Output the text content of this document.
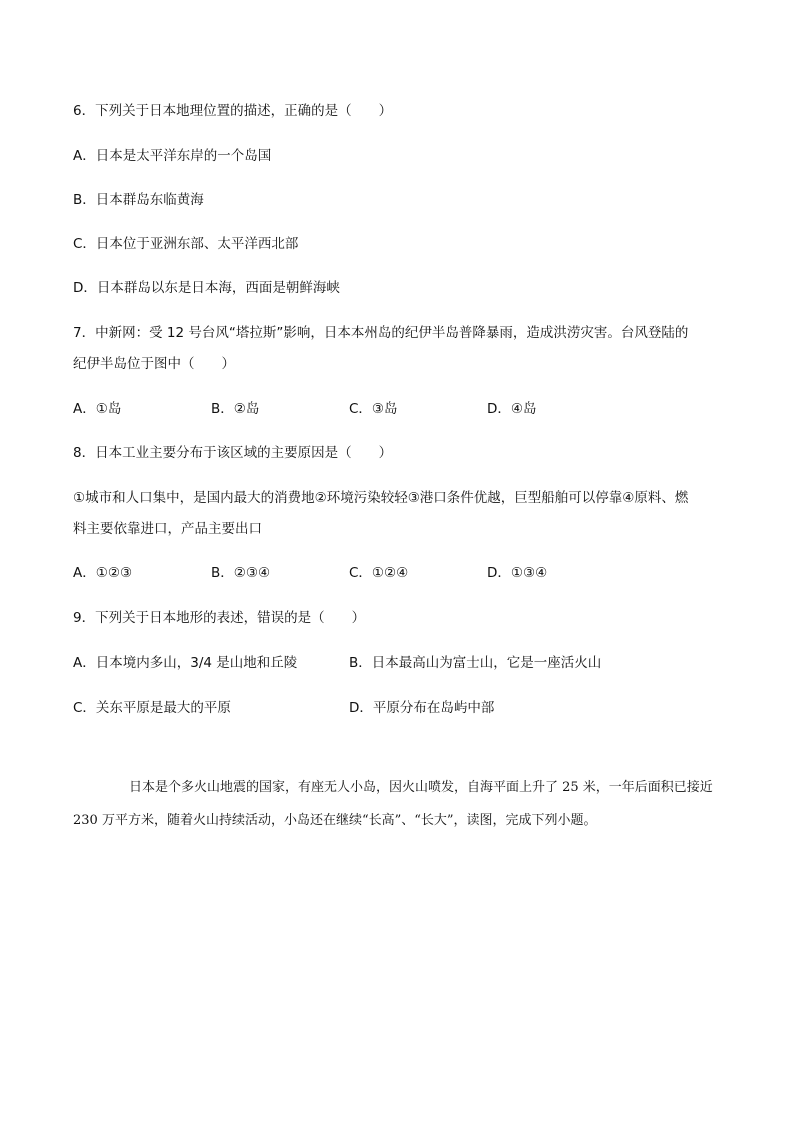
6．下列关于日本地理位置的描述，正确的是（　　）
A．日本是太平洋东岸的一个岛国
B．日本群岛东临黄海
C．日本位于亚洲东部、太平洋西北部
D．日本群岛以东是日本海，西面是朝鲜海峡
7．中新网：受 12 号台风“塔拉斯”影响，日本本州岛的纪伊半岛普降暴雨，造成洪涝灾害。台风登陆的
纪伊半岛位于图中（　　）
A．①岛	B．②岛	C．③岛	D．④岛
8．日本工业主要分布于该区域的主要原因是（　　）
①城市和人口集中，是国内最大的消费地②环境污染较轻③港口条件优越，巨型船舶可以停靠④原料、燃
料主要依靠进口，产品主要出口
A．①②③	B．②③④	C．①②④	D．①③④
9．下列关于日本地形的表述，错误的是（　　）
A．日本境内多山，3/4 是山地和丘陵	B．日本最高山为富士山，它是一座活火山
C．关东平原是最大的平原	D．平原分布在岛屿中部
日本是个多火山地震的国家，有座无人小岛，因火山喷发，自海平面上升了 25 米，一年后面积已接近 230 万平方米，随着火山持续活动，小岛还在继续“长高”、“长大”，读图，完成下列小题。
